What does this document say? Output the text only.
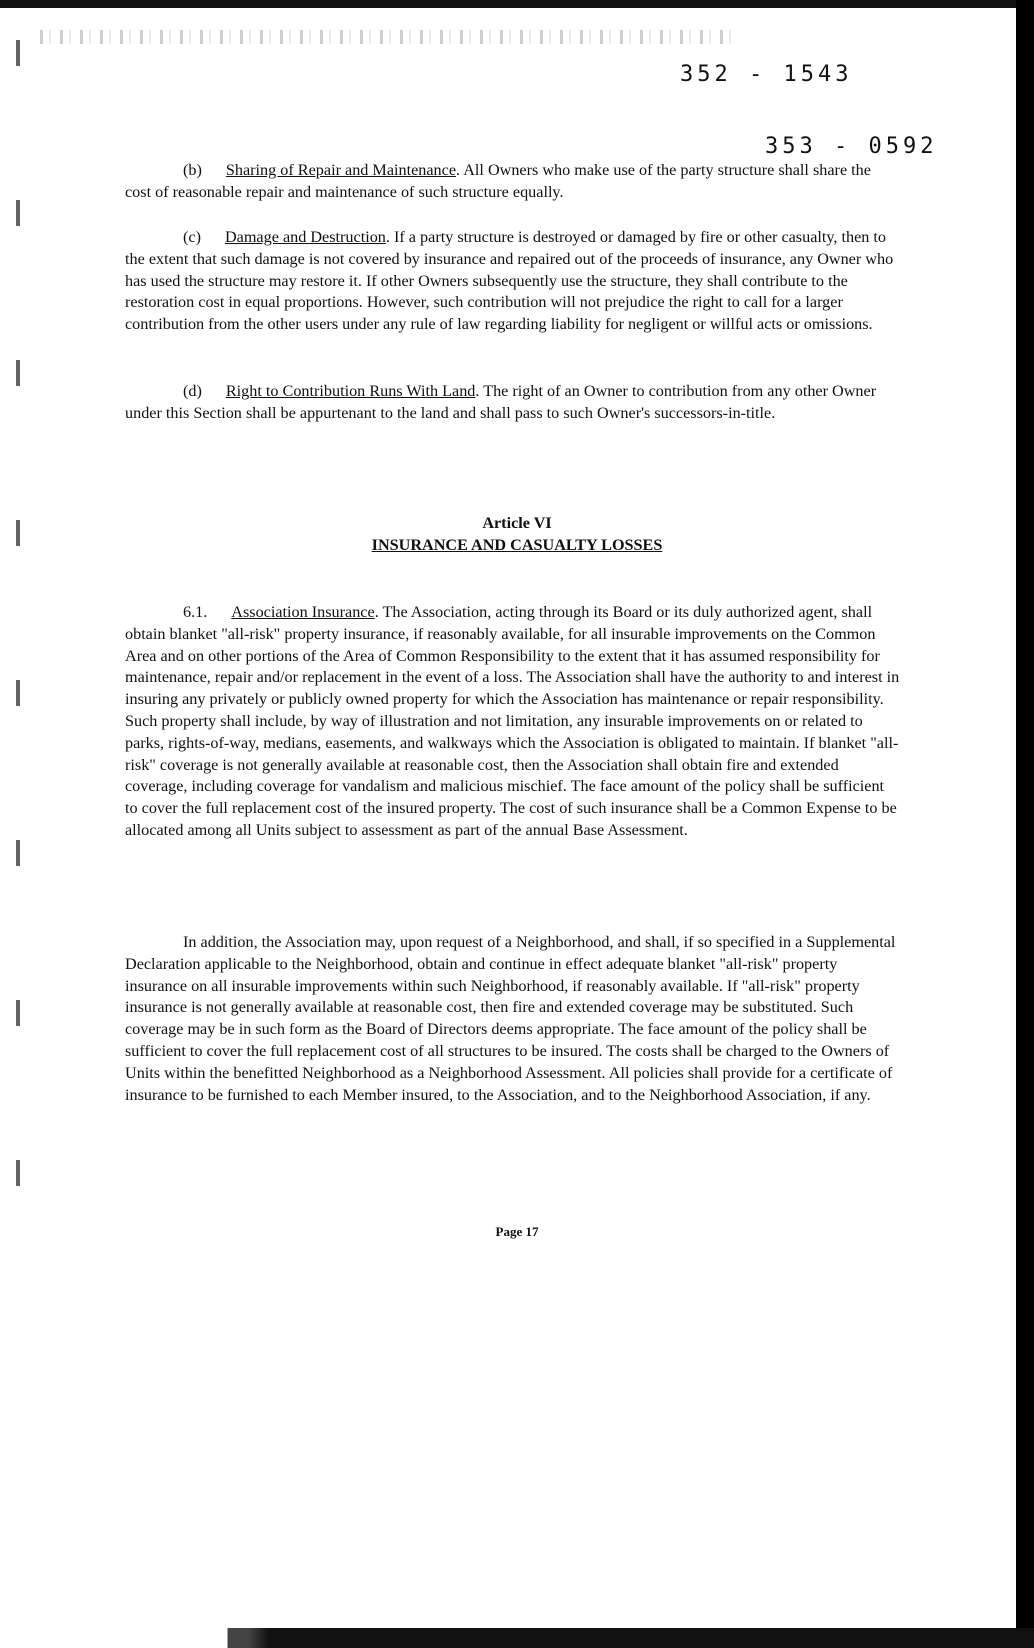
352 - 1543
353 - 0592

(b) Sharing of Repair and Maintenance. All Owners who make use of the party structure shall share the cost of reasonable repair and maintenance of such structure equally.

(c) Damage and Destruction. If a party structure is destroyed or damaged by fire or other casualty, then to the extent that such damage is not covered by insurance and repaired out of the proceeds of insurance, any Owner who has used the structure may restore it. If other Owners subsequently use the structure, they shall contribute to the restoration cost in equal proportions. However, such contribution will not prejudice the right to call for a larger contribution from the other users under any rule of law regarding liability for negligent or willful acts or omissions.

(d) Right to Contribution Runs With Land. The right of an Owner to contribution from any other Owner under this Section shall be appurtenant to the land and shall pass to such Owner's successors-in-title.

Article VI
INSURANCE AND CASUALTY LOSSES

6.1. Association Insurance. The Association, acting through its Board or its duly authorized agent, shall obtain blanket "all-risk" property insurance, if reasonably available, for all insurable improvements on the Common Area and on other portions of the Area of Common Responsibility to the extent that it has assumed responsibility for maintenance, repair and/or replacement in the event of a loss. The Association shall have the authority to and interest in insuring any privately or publicly owned property for which the Association has maintenance or repair responsibility. Such property shall include, by way of illustration and not limitation, any insurable improvements on or related to parks, rights-of-way, medians, easements, and walkways which the Association is obligated to maintain. If blanket "all-risk" coverage is not generally available at reasonable cost, then the Association shall obtain fire and extended coverage, including coverage for vandalism and malicious mischief. The face amount of the policy shall be sufficient to cover the full replacement cost of the insured property. The cost of such insurance shall be a Common Expense to be allocated among all Units subject to assessment as part of the annual Base Assessment.

In addition, the Association may, upon request of a Neighborhood, and shall, if so specified in a Supplemental Declaration applicable to the Neighborhood, obtain and continue in effect adequate blanket "all-risk" property insurance on all insurable improvements within such Neighborhood, if reasonably available. If "all-risk" property insurance is not generally available at reasonable cost, then fire and extended coverage may be substituted. Such coverage may be in such form as the Board of Directors deems appropriate. The face amount of the policy shall be sufficient to cover the full replacement cost of all structures to be insured. The costs shall be charged to the Owners of Units within the benefitted Neighborhood as a Neighborhood Assessment. All policies shall provide for a certificate of insurance to be furnished to each Member insured, to the Association, and to the Neighborhood Association, if any.

Page 17
